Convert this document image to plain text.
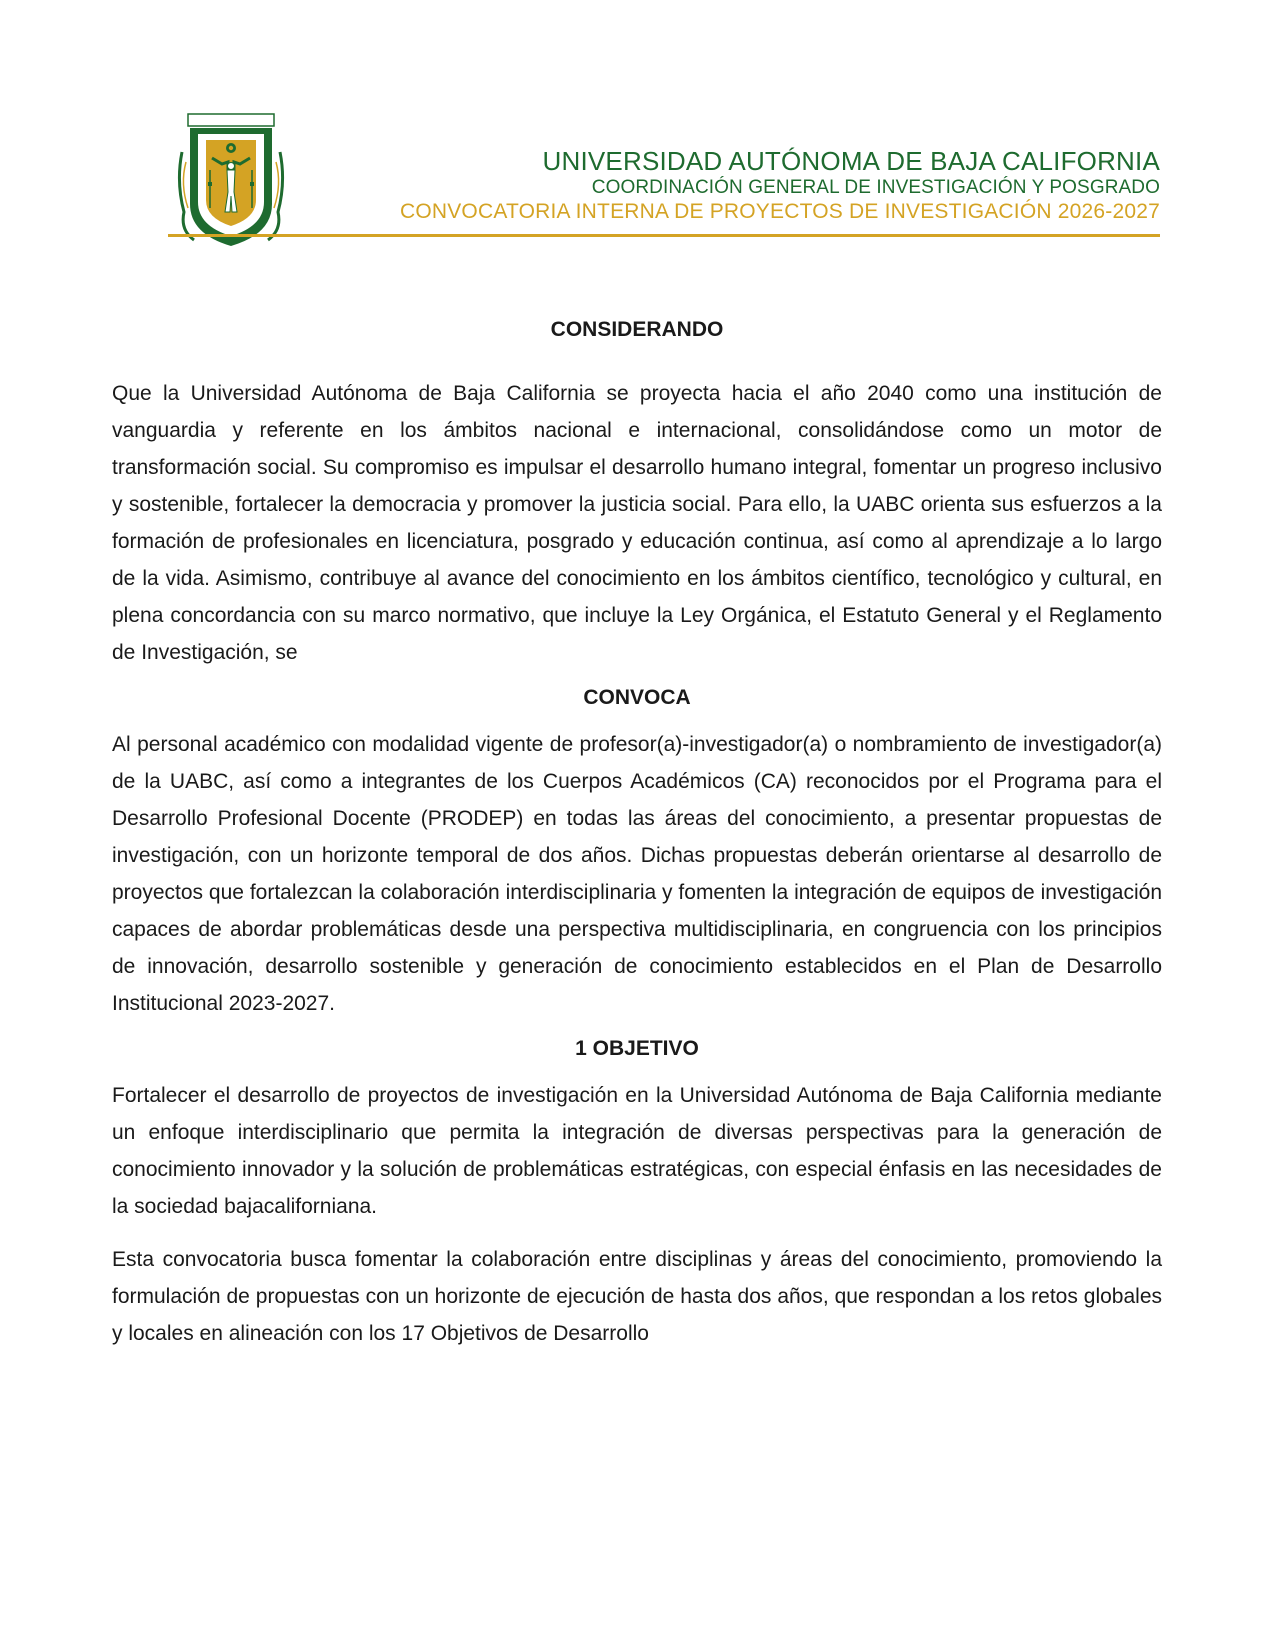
UNIVERSIDAD AUTÓNOMA DE BAJA CALIFORNIA
COORDINACIÓN GENERAL DE INVESTIGACIÓN Y POSGRADO
CONVOCATORIA INTERNA DE PROYECTOS DE INVESTIGACIÓN 2026-2027
CONSIDERANDO

Que la Universidad Autónoma de Baja California se proyecta hacia el año 2040 como una institución de vanguardia y referente en los ámbitos nacional e internacional, consolidándose como un motor de transformación social. Su compromiso es impulsar el desarrollo humano integral, fomentar un progreso inclusivo y sostenible, fortalecer la democracia y promover la justicia social. Para ello, la UABC orienta sus esfuerzos a la formación de profesionales en licenciatura, posgrado y educación continua, así como al aprendizaje a lo largo de la vida. Asimismo, contribuye al avance del conocimiento en los ámbitos científico, tecnológico y cultural, en plena concordancia con su marco normativo, que incluye la Ley Orgánica, el Estatuto General y el Reglamento de Investigación, se

CONVOCA

Al personal académico con modalidad vigente de profesor(a)-investigador(a) o nombramiento de investigador(a) de la UABC, así como a integrantes de los Cuerpos Académicos (CA) reconocidos por el Programa para el Desarrollo Profesional Docente (PRODEP) en todas las áreas del conocimiento, a presentar propuestas de investigación, con un horizonte temporal de dos años. Dichas propuestas deberán orientarse al desarrollo de proyectos que fortalezcan la colaboración interdisciplinaria y fomenten la integración de equipos de investigación capaces de abordar problemáticas desde una perspectiva multidisciplinaria, en congruencia con los principios de innovación, desarrollo sostenible y generación de conocimiento establecidos en el Plan de Desarrollo Institucional 2023-2027.

1 OBJETIVO

Fortalecer el desarrollo de proyectos de investigación en la Universidad Autónoma de Baja California mediante un enfoque interdisciplinario que permita la integración de diversas perspectivas para la generación de conocimiento innovador y la solución de problemáticas estratégicas, con especial énfasis en las necesidades de la sociedad bajacaliforniana.

Esta convocatoria busca fomentar la colaboración entre disciplinas y áreas del conocimiento, promoviendo la formulación de propuestas con un horizonte de ejecución de hasta dos años, que respondan a los retos globales y locales en alineación con los 17 Objetivos de Desarrollo
